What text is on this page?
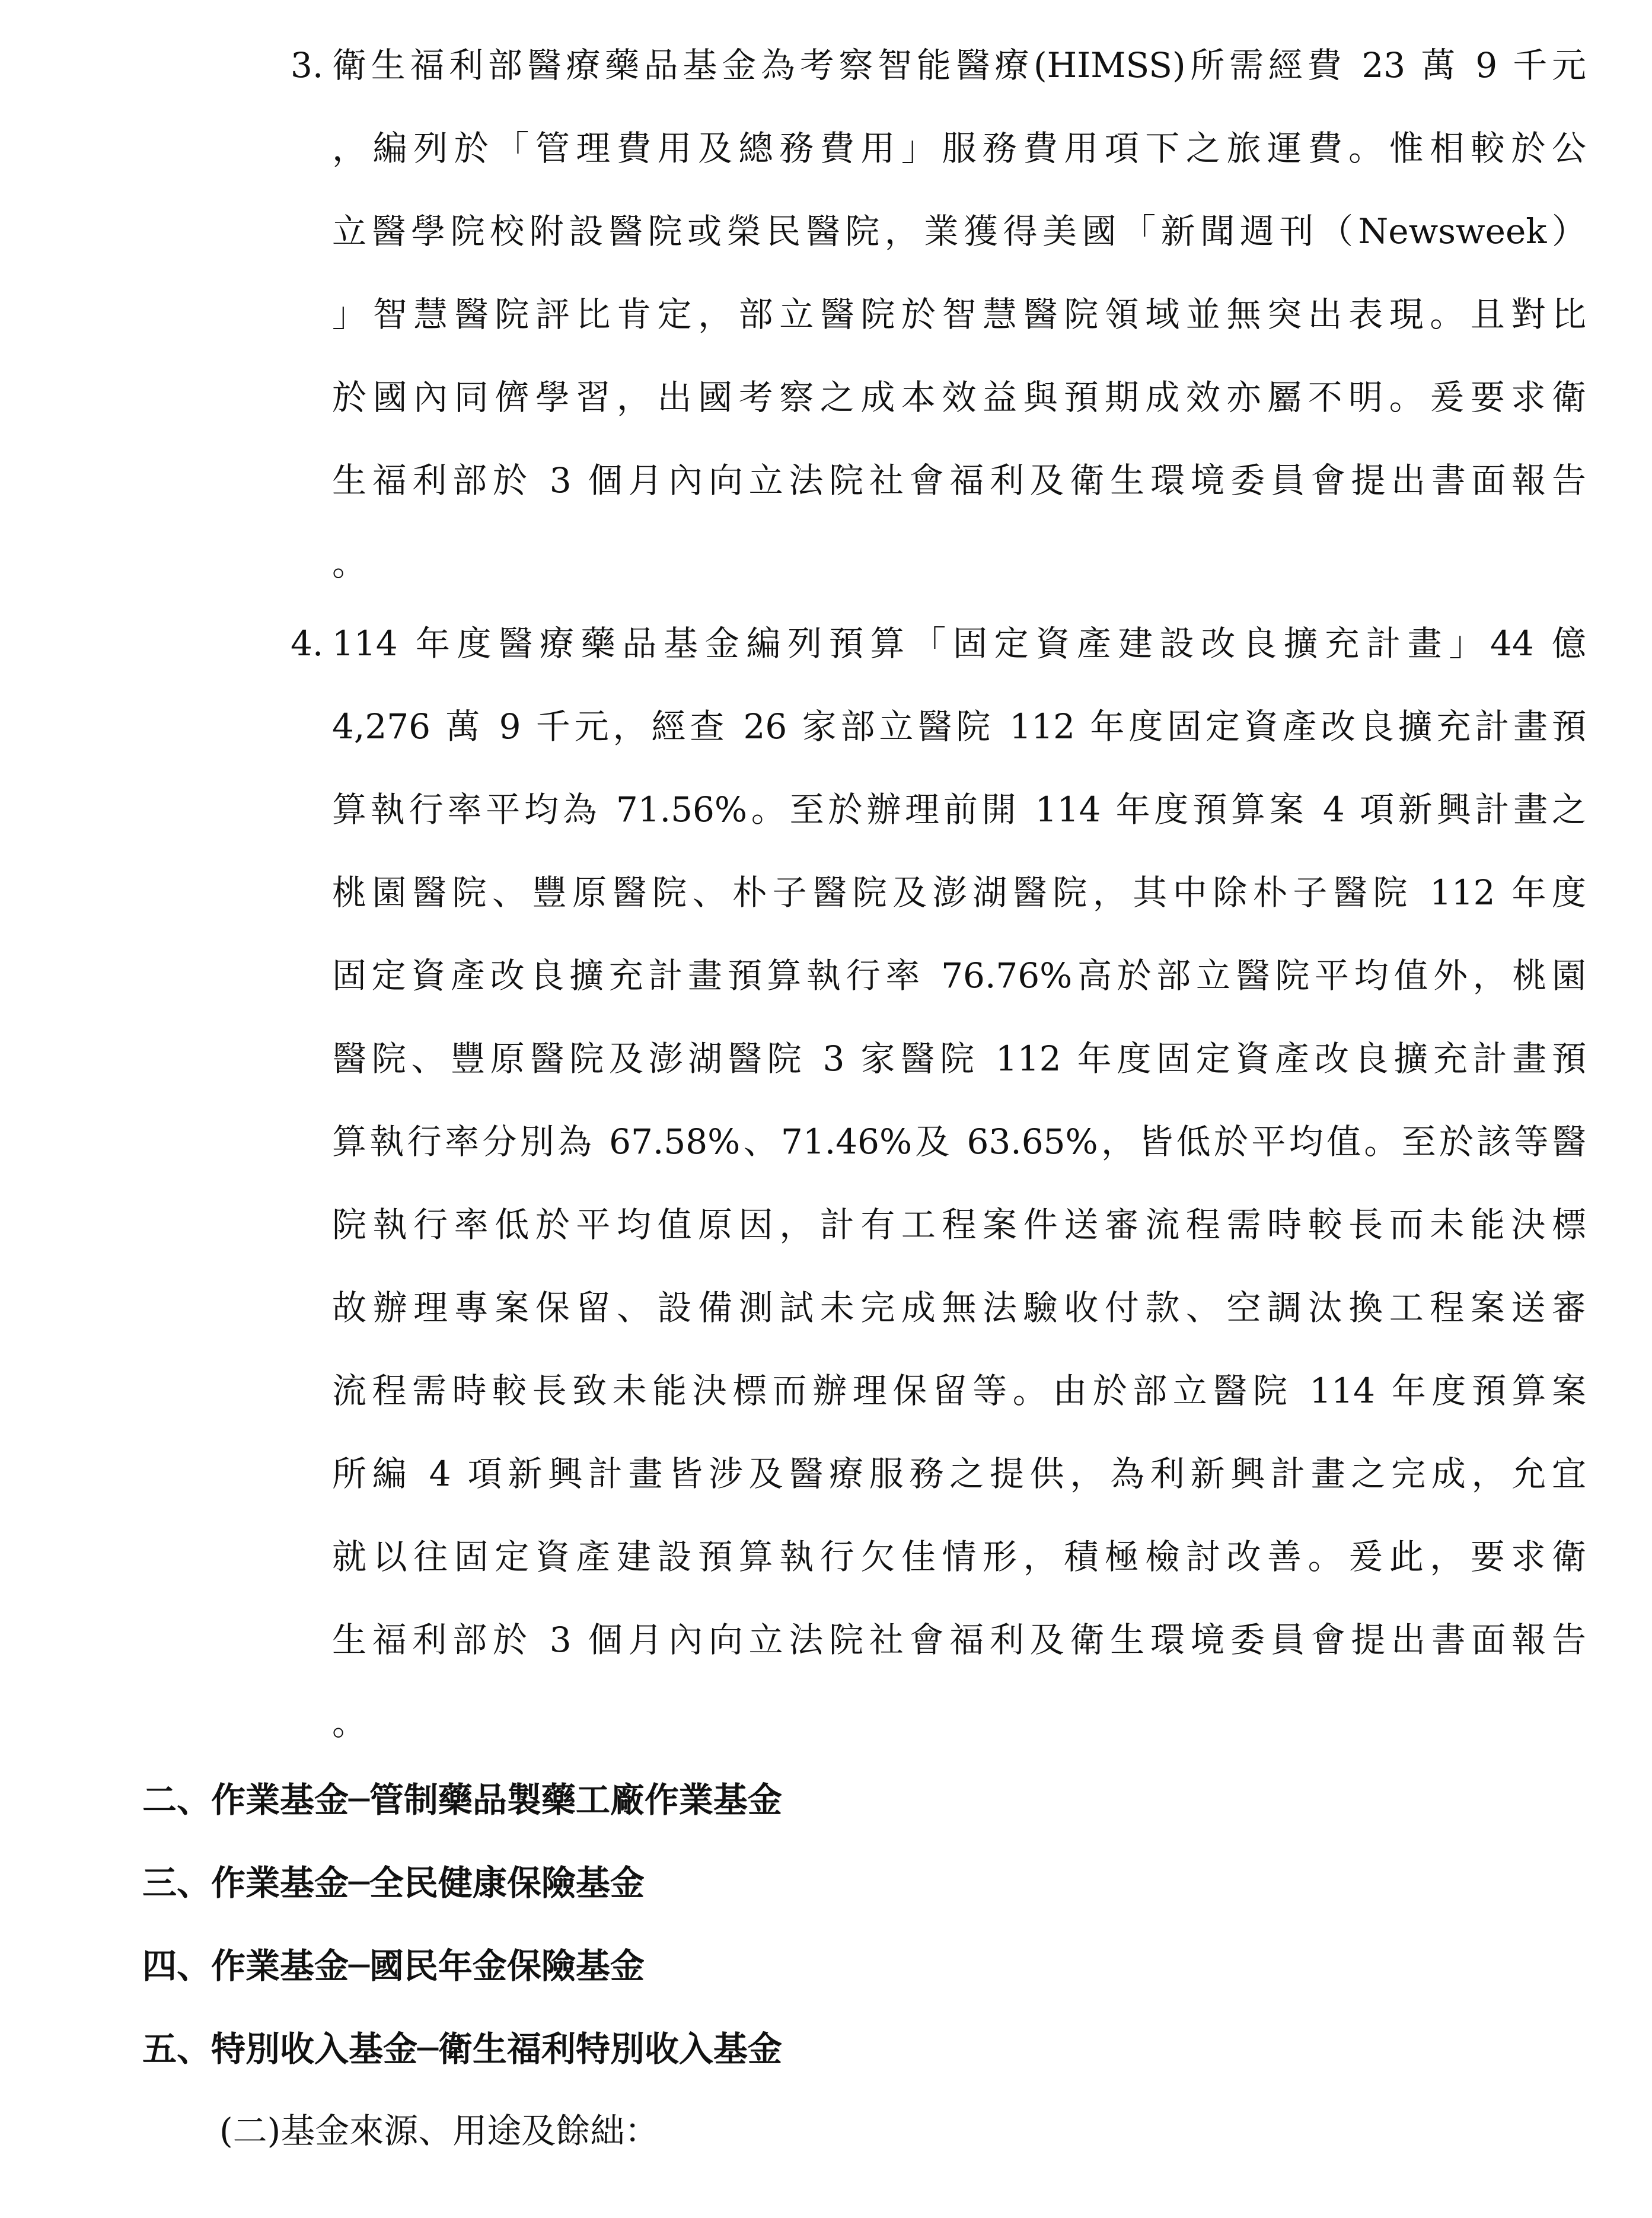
3. 衛生福利部醫療藥品基金為考察智能醫療(HIMSS)所需經費 23 萬 9 千元
，編列於「管理費用及總務費用」服務費用項下之旅運費。惟相較於公
立醫學院校附設醫院或榮民醫院，業獲得美國「新聞週刊（Newsweek）
」智慧醫院評比肯定，部立醫院於智慧醫院領域並無突出表現。且對比
於國內同儕學習，出國考察之成本效益與預期成效亦屬不明。爰要求衛
生福利部於 3 個月內向立法院社會福利及衛生環境委員會提出書面報告
。
4. 114 年度醫療藥品基金編列預算「固定資產建設改良擴充計畫」44 億
4,276 萬 9 千元，經查 26 家部立醫院 112 年度固定資產改良擴充計畫預
算執行率平均為 71.56%。至於辦理前開 114 年度預算案 4 項新興計畫之
桃園醫院、豐原醫院、朴子醫院及澎湖醫院，其中除朴子醫院 112 年度
固定資產改良擴充計畫預算執行率 76.76%高於部立醫院平均值外，桃園
醫院、豐原醫院及澎湖醫院 3 家醫院 112 年度固定資產改良擴充計畫預
算執行率分別為 67.58%、71.46%及 63.65%，皆低於平均值。至於該等醫
院執行率低於平均值原因，計有工程案件送審流程需時較長而未能決標
故辦理專案保留、設備測試未完成無法驗收付款、空調汰換工程案送審
流程需時較長致未能決標而辦理保留等。由於部立醫院 114 年度預算案
所編 4 項新興計畫皆涉及醫療服務之提供，為利新興計畫之完成，允宜
就以往固定資產建設預算執行欠佳情形，積極檢討改善。爰此，要求衛
生福利部於 3 個月內向立法院社會福利及衛生環境委員會提出書面報告
。
二、作業基金─管制藥品製藥工廠作業基金
三、作業基金─全民健康保險基金
四、作業基金─國民年金保險基金
五、特別收入基金─衛生福利特別收入基金
(二)基金來源、用途及餘絀：
